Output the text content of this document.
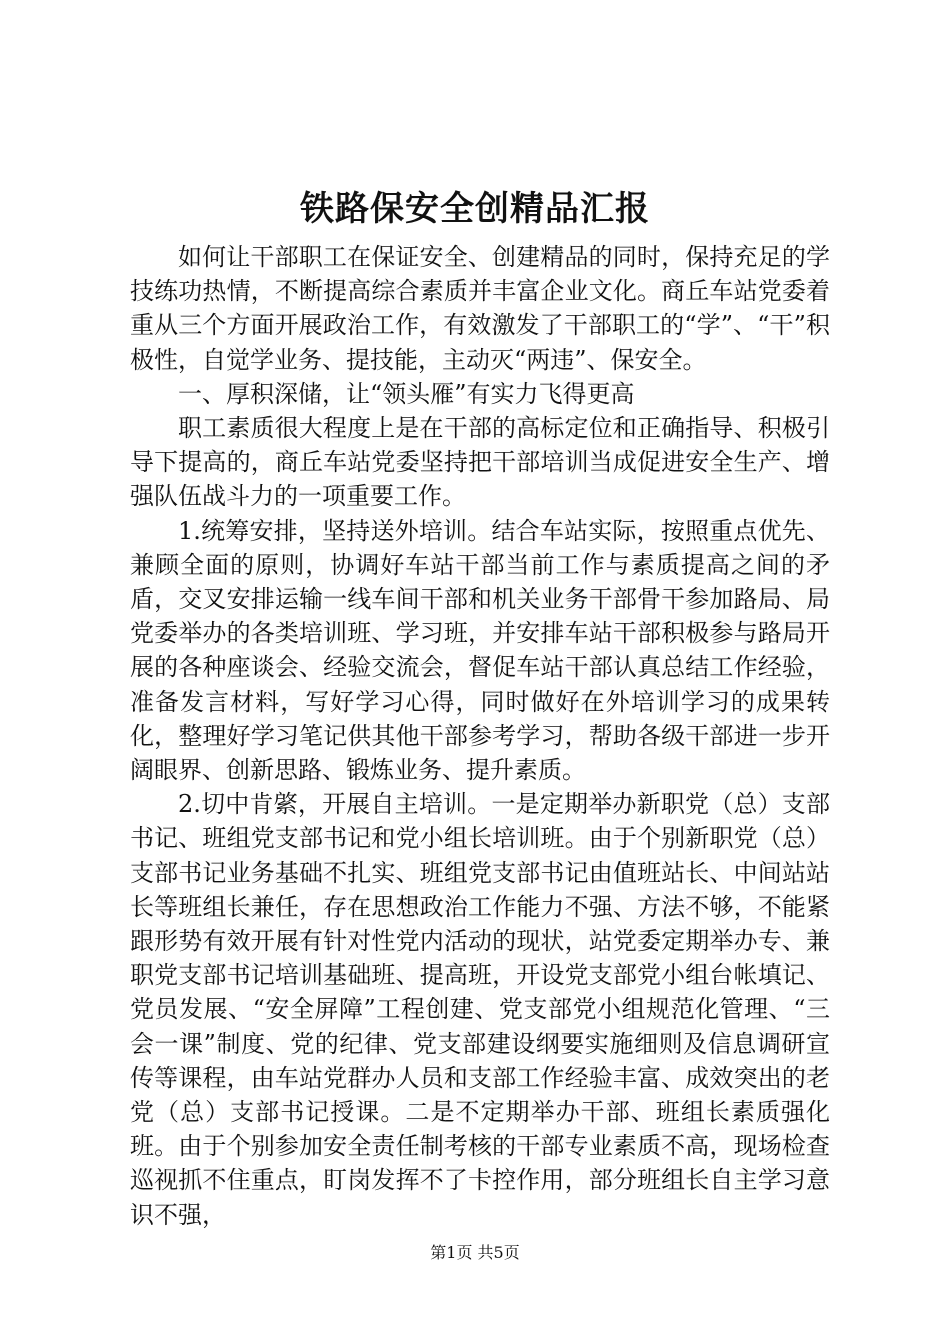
铁路保安全创精品汇报

如何让干部职工在保证安全、创建精品的同时，保持充足的学技练功热情，不断提高综合素质并丰富企业文化。商丘车站党委着重从三个方面开展政治工作，有效激发了干部职工的“学”、“干”积极性，自觉学业务、提技能，主动灭“两违”、保安全。

一、厚积深储，让“领头雁”有实力飞得更高

职工素质很大程度上是在干部的高标定位和正确指导、积极引导下提高的，商丘车站党委坚持把干部培训当成促进安全生产、增强队伍战斗力的一项重要工作。

1.统筹安排，坚持送外培训。结合车站实际，按照重点优先、兼顾全面的原则，协调好车站干部当前工作与素质提高之间的矛盾，交叉安排运输一线车间干部和机关业务干部骨干参加路局、局党委举办的各类培训班、学习班，并安排车站干部积极参与路局开展的各种座谈会、经验交流会，督促车站干部认真总结工作经验，准备发言材料，写好学习心得，同时做好在外培训学习的成果转化，整理好学习笔记供其他干部参考学习，帮助各级干部进一步开阔眼界、创新思路、锻炼业务、提升素质。

2.切中肯綮，开展自主培训。一是定期举办新职党（总）支部书记、班组党支部书记和党小组长培训班。由于个别新职党（总）支部书记业务基础不扎实、班组党支部书记由值班站长、中间站站长等班组长兼任，存在思想政治工作能力不强、方法不够，不能紧跟形势有效开展有针对性党内活动的现状，站党委定期举办专、兼职党支部书记培训基础班、提高班，开设党支部党小组台帐填记、党员发展、“安全屏障”工程创建、党支部党小组规范化管理、“三会一课”制度、党的纪律、党支部建设纲要实施细则及信息调研宣传等课程，由车站党群办人员和支部工作经验丰富、成效突出的老党（总）支部书记授课。二是不定期举办干部、班组长素质强化班。由于个别参加安全责任制考核的干部专业素质不高，现场检查巡视抓不住重点，盯岗发挥不了卡控作用，部分班组长自主学习意识不强，

第1页 共5页
